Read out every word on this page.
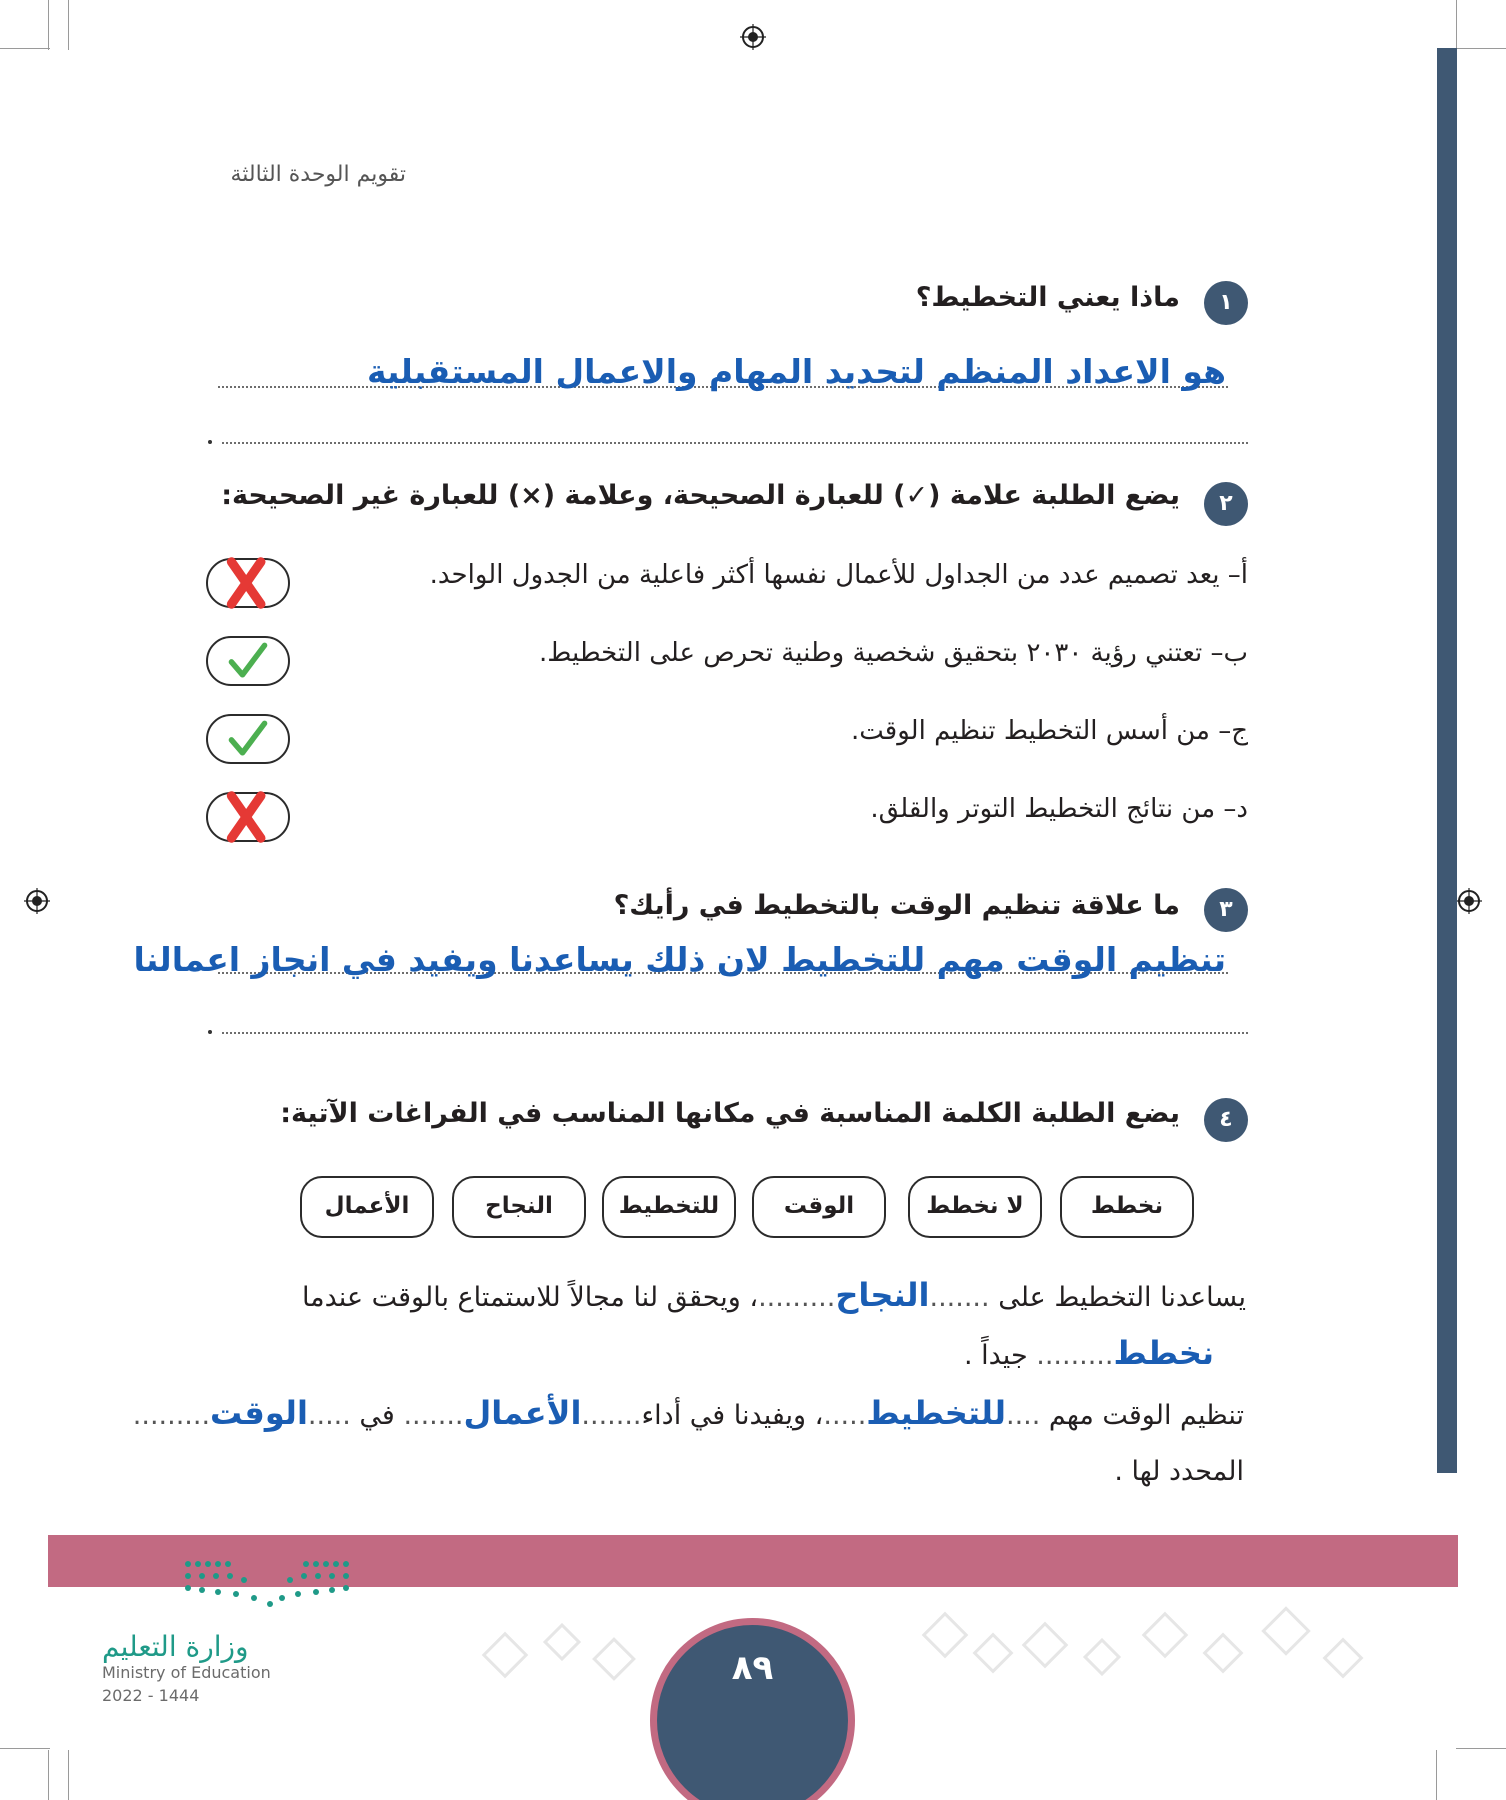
تقويم الوحدة الثالثة
١
ماذا يعني التخطيط؟
هو الاعداد المنظم لتحديد المهام والاعمال المستقبلية
٢
يضع الطلبة علامة (✓) للعبارة الصحيحة، وعلامة (×) للعبارة غير الصحيحة:
أ– يعد تصميم عدد من الجداول للأعمال نفسها أكثر فاعلية من الجدول الواحد.
ب– تعتني رؤية ٢٠٣٠ بتحقيق شخصية وطنية تحرص على التخطيط.
ج– من أسس التخطيط تنظيم الوقت.
د– من نتائج التخطيط التوتر والقلق.
٣
ما علاقة تنظيم الوقت بالتخطيط في رأيك؟
تنظيم الوقت مهم للتخطيط لان ذلك يساعدنا ويفيد في انجاز اعمالنا
٤
يضع الطلبة الكلمة المناسبة في مكانها المناسب في الفراغات الآتية:
نخطط
لا نخطط
الوقت
للتخطيط
النجاح
الأعمال
يساعدنا التخطيط على .......النجاح.........، ويحقق لنا مجالاً للاستمتاع بالوقت عندما
نخطط......... جيداً .
تنظيم الوقت مهم ....للتخطيط.....، ويفيدنا في أداء.......الأعمال....... في .....الوقت.........
المحدد لها .
٨٩
وزارة التعليم
Ministry of Education
2022 - 1444
